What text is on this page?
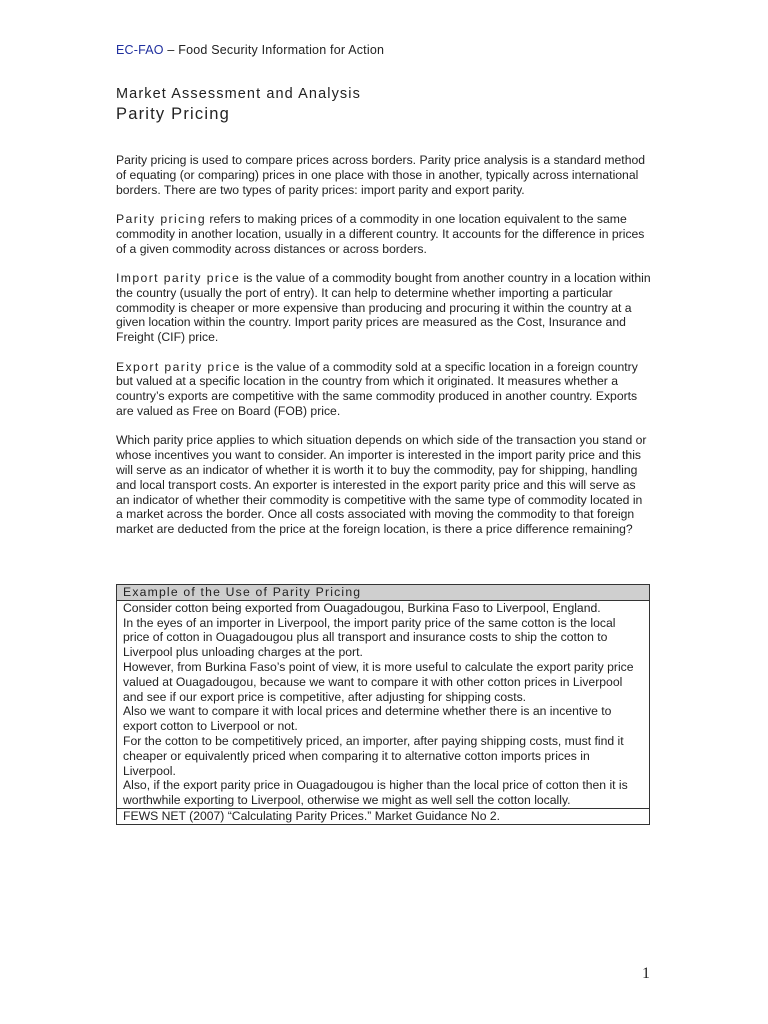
EC-FAO – Food Security Information for Action
Market Assessment and Analysis
Parity Pricing

Parity pricing is used to compare prices across borders. Parity price analysis is a standard method of equating (or comparing) prices in one place with those in another, typically across international borders. There are two types of parity prices: import parity and export parity.

Parity pricing refers to making prices of a commodity in one location equivalent to the same commodity in another location, usually in a different country. It accounts for the difference in prices of a given commodity across distances or across borders.

Import parity price is the value of a commodity bought from another country in a location within the country (usually the port of entry). It can help to determine whether importing a particular commodity is cheaper or more expensive than producing and procuring it within the country at a given location within the country. Import parity prices are measured as the Cost, Insurance and Freight (CIF) price.

Export parity price is the value of a commodity sold at a specific location in a foreign country but valued at a specific location in the country from which it originated. It measures whether a country’s exports are competitive with the same commodity produced in another country. Exports are valued as Free on Board (FOB) price.

Which parity price applies to which situation depends on which side of the transaction you stand or whose incentives you want to consider. An importer is interested in the import parity price and this will serve as an indicator of whether it is worth it to buy the commodity, pay for shipping, handling and local transport costs. An exporter is interested in the export parity price and this will serve as an indicator of whether their commodity is competitive with the same type of commodity located in a market across the border. Once all costs associated with moving the commodity to that foreign market are deducted from the price at the foreign location, is there a price difference remaining?

Example of the Use of Parity Pricing

Consider cotton being exported from Ouagadougou, Burkina Faso to Liverpool, England.

In the eyes of an importer in Liverpool, the import parity price of the same cotton is the local price of cotton in Ouagadougou plus all transport and insurance costs to ship the cotton to Liverpool plus unloading charges at the port.

However, from Burkina Faso’s point of view, it is more useful to calculate the export parity price valued at Ouagadougou, because we want to compare it with other cotton prices in Liverpool and see if our export price is competitive, after adjusting for shipping costs.

Also we want to compare it with local prices and determine whether there is an incentive to export cotton to Liverpool or not.

For the cotton to be competitively priced, an importer, after paying shipping costs, must find it cheaper or equivalently priced when comparing it to alternative cotton imports prices in Liverpool.

Also, if the export parity price in Ouagadougou is higher than the local price of cotton then it is worthwhile exporting to Liverpool, otherwise we might as well sell the cotton locally.

FEWS NET (2007) “Calculating Parity Prices.” Market Guidance No 2.
1
